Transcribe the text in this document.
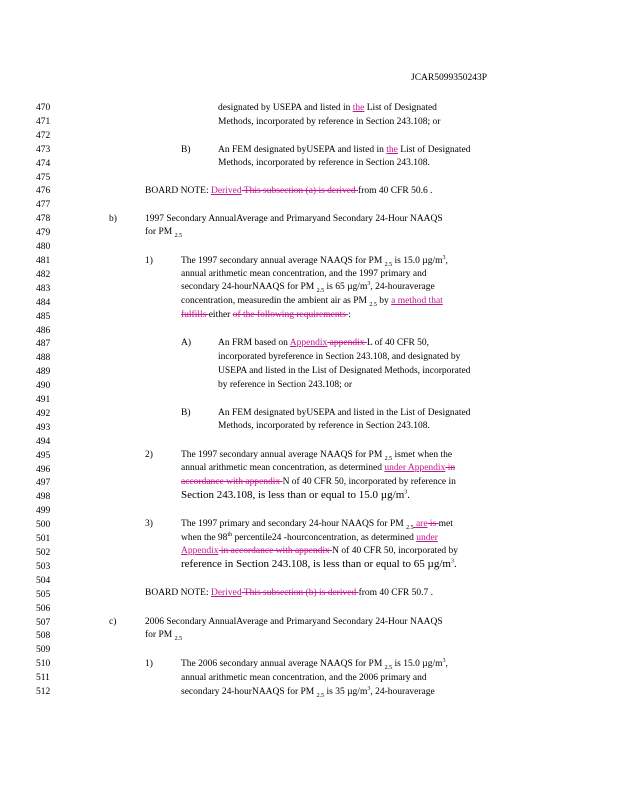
JCAR5099350243P
470
471
472
473
474
475
476
477
478
479
480
481
482
483
484
485
486
487
488
489
490
491
492
493
494
495
496
497
498
499
500
501
502
503
504
505
506
507
508
509
510
511
512
designated by USEPA and listed in the List of Designated
Methods, incorporated by reference in Section 243.108; or
B)	An FEM designated byUSEPA and listed in the List of Designated
Methods, incorporated by reference in Section 243.108.
BOARD NOTE: Derived This subsection (a) is derived from 40 CFR 50.6 .
b)	1997 Secondary AnnualAverage and Primaryand Secondary 24-Hour NAAQS
for PM $_{2.5}$
1)	The 1997 secondary annual average NAAQS for PM $_{2.5}$ is 15.0 $\mu g/m^3$,
annual arithmetic mean concentration, and the 1997 primary and
secondary 24-hourNAAQS for PM $_{2.5}$ is 65 $\mu g/m^3$, 24-houraverage
concentration, measuredin the ambient air as PM $_{2.5}$ by a method that
fulfills either of the following requirements :
A)	An FRM based on Appendix appendix L of 40 CFR 50,
incorporated byreference in Section 243.108, and designated by
USEPA and listed in the List of Designated Methods, incorporated
by reference in Section 243.108; or
B)	An FEM designated byUSEPA and listed in the List of Designated
Methods, incorporated by reference in Section 243.108.
2)	The 1997 secondary annual average NAAQS for PM $_{2.5}$ ismet when the
annual arithmetic mean concentration, as determined under Appendix in
accordance with appendix N of 40 CFR 50, incorporated by reference in
Section 243.108, is less than or equal to 15.0 $\mu g/m^3$.
3)	The 1997 primary and secondary 24-hour NAAQS for PM $_{2.5}$ are is met
when the 98th percentile24 -hourconcentration, as determined under
Appendix in accordance with appendix N of 40 CFR 50, incorporated by
reference in Section 243.108, is less than or equal to 65 $\mu g/m^3$.
BOARD NOTE: Derived This subsection (b) is derived from 40 CFR 50.7 .
c)	2006 Secondary AnnualAverage and Primaryand Secondary 24-Hour NAAQS
for PM $_{2.5}$
1)	The 2006 secondary annual average NAAQS for PM $_{2.5}$ is 15.0 $\mu g/m^3$,
annual arithmetic mean concentration, and the 2006 primary and
secondary 24-hourNAAQS for PM $_{2.5}$ is 35 $\mu g/m^3$, 24-houraverage
